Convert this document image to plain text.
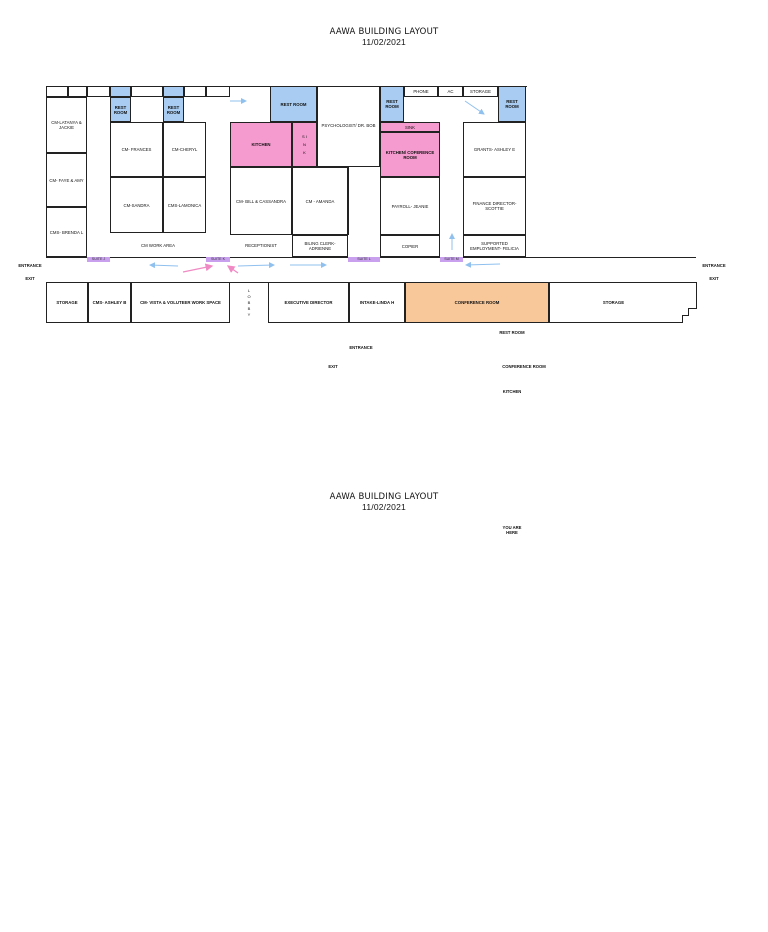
AAWA BUILDING LAYOUT
11/02/2021
REST ROOM
REST ROOM
REST ROOM	REST ROOM
REST ROOM
PHONE	AC	STORAGE
CM-LATANYA & JACKIE
CM- FAYE & AMY
CMS- BRENDA L
CM- FRANCES	CM-CHERYL
CM-SANDRA	CMS-LAMONICA
CM WORK AREA
KITCHEN
S I N K
PSYCHOLOGIST/ DR. BOB
CM- BILL & CASSANDRA	CM - AMANDA
RECEPTIONIST	BILING CLERK-ADRIENNE
SINK
KITCHEN/ COFERENCE ROOM
PAYROLL- JEANIE
COPIER
GRANTS- ASHLEY E
FINANCE DIRECTOR-SCOTTIE
SUPPORTED EMPLOYMENT- FELICIA
SUITE J	SUITE K	SUITE L	SUITE M
STORAGE	CMS- ASHLEY B	CM- VISTA & VOLUTEER WORK SPACE
L O B B Y
EXECUTIVE DIRECTOR	INTAKE-LINDA H	CONFERENCE ROOM	STORAGE
ENTRANCE
EXIT
ENTRANCE
EXIT
REST ROOM
ENTRANCE
EXIT	CONFERENCE ROOM
KITCHEN
AAWA BUILDING LAYOUT
11/02/2021
YOU ARE HERE
